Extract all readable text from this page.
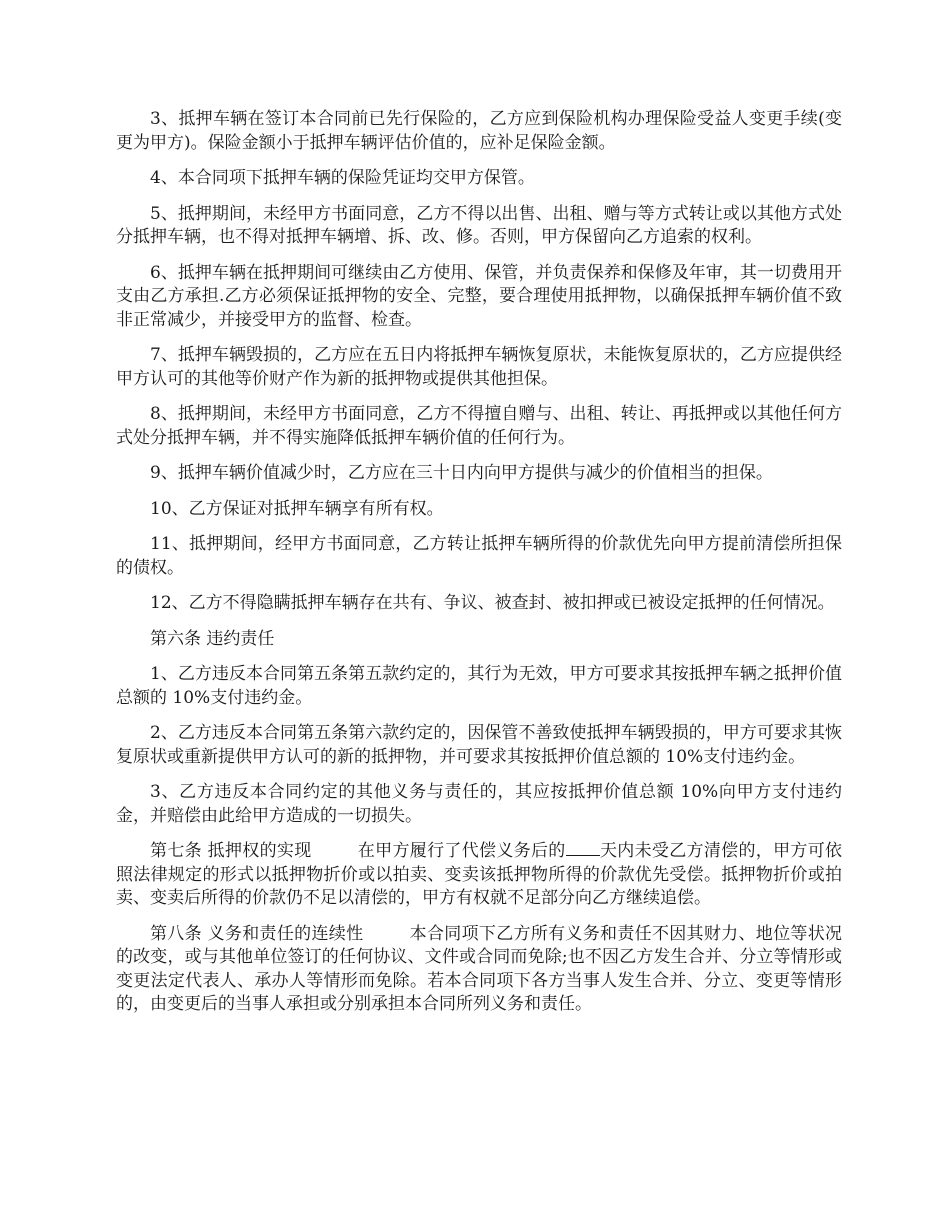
3、抵押车辆在签订本合同前已先行保险的，乙方应到保险机构办理保险受益人变更手续(变更为甲方)。保险金额小于抵押车辆评估价值的，应补足保险金额。

4、本合同项下抵押车辆的保险凭证均交甲方保管。

5、抵押期间，未经甲方书面同意，乙方不得以出售、出租、赠与等方式转让或以其他方式处分抵押车辆，也不得对抵押车辆增、拆、改、修。否则，甲方保留向乙方追索的权利。

6、抵押车辆在抵押期间可继续由乙方使用、保管，并负责保养和保修及年审，其一切费用开支由乙方承担.乙方必须保证抵押物的安全、完整，要合理使用抵押物，以确保抵押车辆价值不致非正常减少，并接受甲方的监督、检查。

7、抵押车辆毁损的，乙方应在五日内将抵押车辆恢复原状，未能恢复原状的，乙方应提供经甲方认可的其他等价财产作为新的抵押物或提供其他担保。

8、抵押期间，未经甲方书面同意，乙方不得擅自赠与、出租、转让、再抵押或以其他任何方式处分抵押车辆，并不得实施降低抵押车辆价值的任何行为。

9、抵押车辆价值减少时，乙方应在三十日内向甲方提供与减少的价值相当的担保。

10、乙方保证对抵押车辆享有所有权。

11、抵押期间，经甲方书面同意，乙方转让抵押车辆所得的价款优先向甲方提前清偿所担保的债权。

12、乙方不得隐瞒抵押车辆存在共有、争议、被查封、被扣押或已被设定抵押的任何情况。

第六条 违约责任

1、乙方违反本合同第五条第五款约定的，其行为无效，甲方可要求其按抵押车辆之抵押价值总额的 10%支付违约金。

2、乙方违反本合同第五条第六款约定的，因保管不善致使抵押车辆毁损的，甲方可要求其恢复原状或重新提供甲方认可的新的抵押物，并可要求其按抵押价值总额的 10%支付违约金。

3、乙方违反本合同约定的其他义务与责任的，其应按抵押价值总额 10%向甲方支付违约金，并赔偿由此给甲方造成的一切损失。

第七条 抵押权的实现	在甲方履行了代偿义务后的 天内未受乙方清偿的，甲方可依照法律规定的形式以抵押物折价或以拍卖、变卖该抵押物所得的价款优先受偿。抵押物折价或拍卖、变卖后所得的价款仍不足以清偿的，甲方有权就不足部分向乙方继续追偿。

第八条 义务和责任的连续性	本合同项下乙方所有义务和责任不因其财力、地位等状况的改变，或与其他单位签订的任何协议、文件或合同而免除;也不因乙方发生合并、分立等情形或变更法定代表人、承办人等情形而免除。若本合同项下各方当事人发生合并、分立、变更等情形的，由变更后的当事人承担或分别承担本合同所列义务和责任。
